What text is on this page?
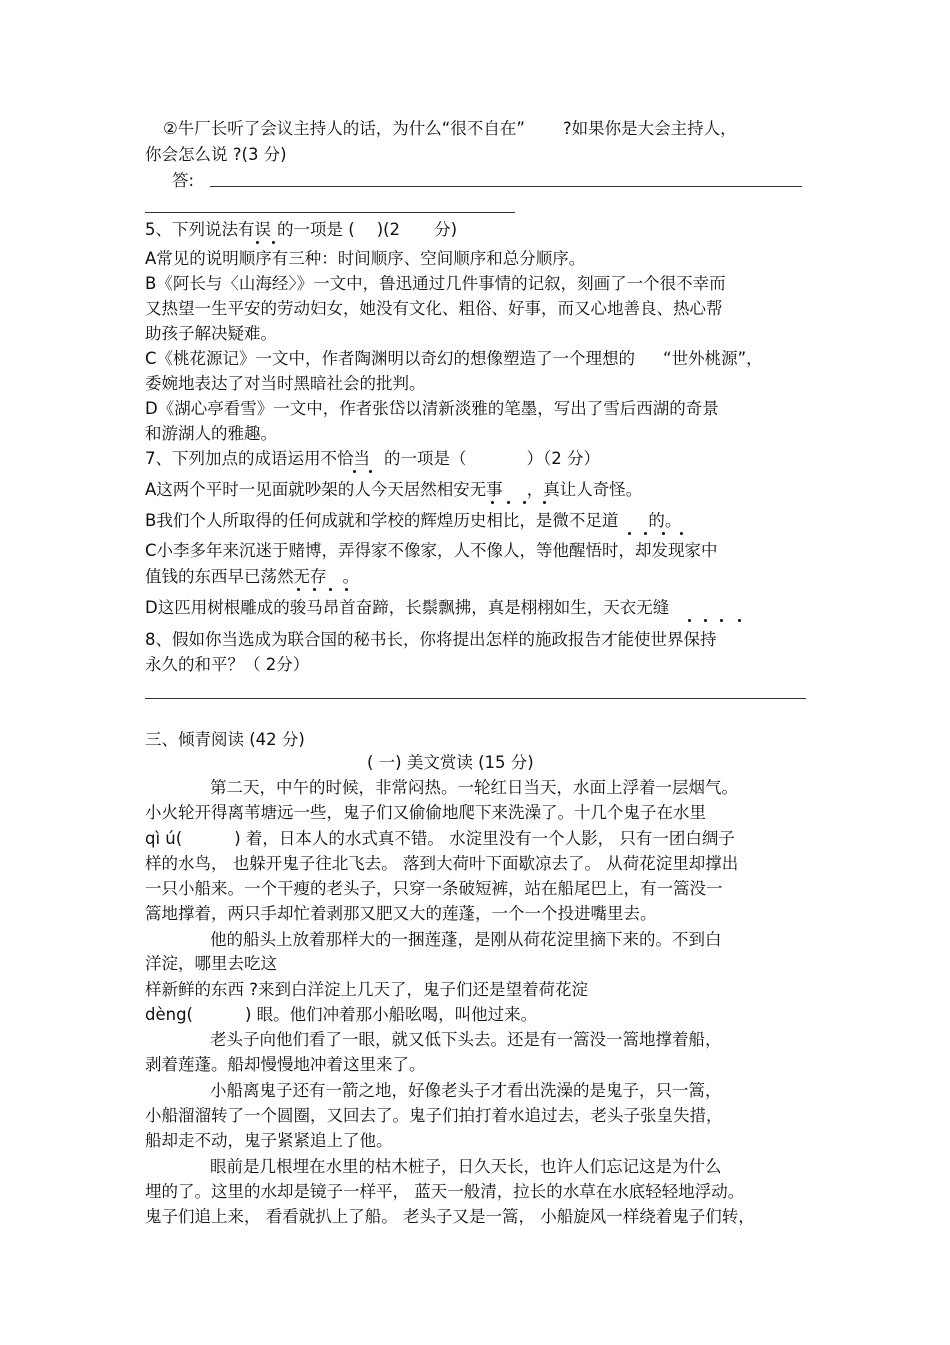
②牛厂长听了会议主持人的话，为什么“很不自在” ?如果你是大会主持人，
你会怎么说 ?(3 分)
答:
5、下列说法有误 的一项是 ( )(2 分)
A常见的说明顺序有三种：时间顺序、空间顺序和总分顺序。
B《阿长与〈山海经〉》一文中，鲁迅通过几件事情的记叙，刻画了一个很不幸而
又热望一生平安的劳动妇女，她没有文化、粗俗、好事，而又心地善良、热心帮
助孩子解决疑难。
C《桃花源记》一文中，作者陶渊明以奇幻的想像塑造了一个理想的 “世外桃源”，
委婉地表达了对当时黑暗社会的批判。
D《湖心亭看雪》一文中，作者张岱以清新淡雅的笔墨，写出了雪后西湖的奇景
和游湖人的雅趣。
7、下列加点的成语运用不恰当 的一项是（	）（2 分）
A这两个平时一见面就吵架的人今天居然相安无事 ，真让人奇怪。
B我们个人所取得的任何成就和学校的辉煌历史相比，是微不足道 的。
C小李多年来沉迷于赌博，弄得家不像家，人不像人，等他醒悟时，却发现家中
值钱的东西早已荡然无存 。
D这匹用树根雕成的骏马昂首奋蹄，长鬃飘拂，真是栩栩如生，天衣无缝
8、假如你当选成为联合国的秘书长，你将提出怎样的施政报告才能使世界保持
永久的和平？（ 2分）
三、倾青阅读 (42 分)
( 一) 美文赏读 (15 分)
第二天，中午的时候，非常闷热。一轮红日当天，水面上浮着一层烟气。
小火轮开得离苇塘远一些，鬼子们又偷偷地爬下来洗澡了。十几个鬼子在水里
qì ú(	) 着，日本人的水式真不错。 水淀里没有一个人影， 只有一团白绸子
样的水鸟， 也躲开鬼子往北飞去。 落到大荷叶下面歇凉去了。 从荷花淀里却撑出
一只小船来。一个干瘦的老头子，只穿一条破短裤，站在船尾巴上，有一篙没一
篙地撑着，两只手却忙着剥那又肥又大的莲蓬，一个一个投进嘴里去。
他的船头上放着那样大的一捆莲蓬，是刚从荷花淀里摘下来的。不到白
洋淀，哪里去吃这
样新鲜的东西 ?来到白洋淀上几天了，鬼子们还是望着荷花淀
dèng(	) 眼。他们冲着那小船吆喝，叫他过来。
老头子向他们看了一眼，就又低下头去。还是有一篙没一篙地撑着船，
剥着莲蓬。船却慢慢地冲着这里来了。
小船离鬼子还有一箭之地，好像老头子才看出洗澡的是鬼子，只一篙，
小船溜溜转了一个圆圈，又回去了。鬼子们拍打着水追过去，老头子张皇失措，
船却走不动，鬼子紧紧追上了他。
眼前是几根埋在水里的枯木桩子，日久天长，也许人们忘记这是为什么
埋的了。这里的水却是镜子一样平， 蓝天一般清，拉长的水草在水底轻轻地浮动。
鬼子们追上来， 看看就扒上了船。 老头子又是一篙， 小船旋风一样绕着鬼子们转，
